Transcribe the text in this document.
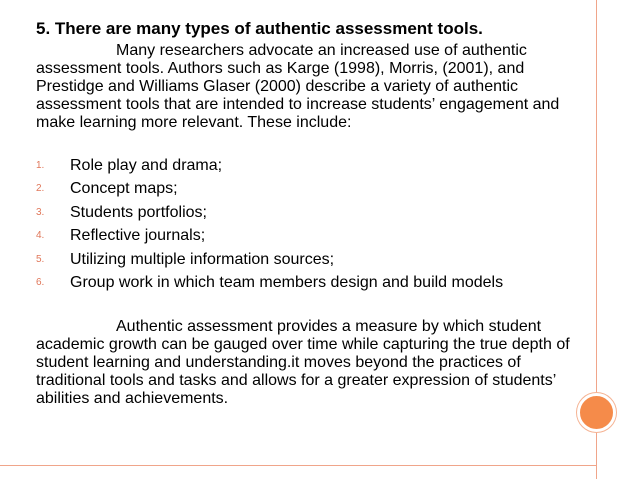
5. There are many types of authentic assessment tools.

Many researchers advocate an increased use of authentic assessment tools. Authors such as Karge (1998), Morris, (2001), and Prestidge and Williams Glaser (2000) describe a variety of authentic assessment tools that are intended to increase students’ engagement and make learning more relevant. These include:

1. Role play and drama;
2. Concept maps;
3. Students portfolios;
4. Reflective journals;
5. Utilizing multiple information sources;
6. Group work in which team members design and build models

Authentic assessment provides a measure by which student academic growth can be gauged over time while capturing the true depth of student learning and understanding.it moves beyond the practices of traditional tools and tasks and allows for a greater expression of students’ abilities and achievements.
